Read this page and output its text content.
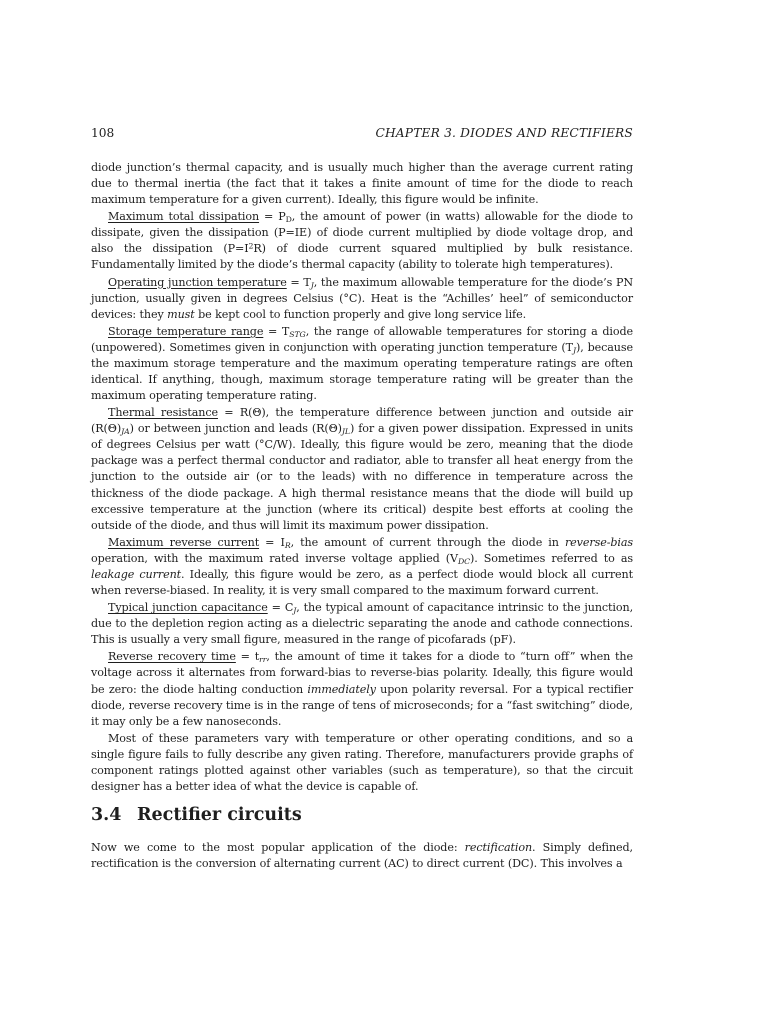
108	CHAPTER 3. DIODES AND RECTIFIERS

diode junction’s thermal capacity, and is usually much higher than the average current rating due to thermal inertia (the fact that it takes a finite amount of time for the diode to reach maximum temperature for a given current). Ideally, this figure would be infinite.

Maximum total dissipation = $P_D$, the amount of power (in watts) allowable for the diode to dissipate, given the dissipation (P=IE) of diode current multiplied by diode voltage drop, and also the dissipation $(P=I^2R)$ of diode current squared multiplied by bulk resistance. Fundamentally limited by the diode’s thermal capacity (ability to tolerate high temperatures).

Operating junction temperature = $T_J$, the maximum allowable temperature for the diode’s PN junction, usually given in degrees Celsius (°C). Heat is the “Achilles’ heel” of semiconductor devices: they must be kept cool to function properly and give long service life.

Storage temperature range = $T_{STG}$, the range of allowable temperatures for storing a diode (unpowered). Sometimes given in conjunction with operating junction temperature $(T_J)$, because the maximum storage temperature and the maximum operating temperature ratings are often identical. If anything, though, maximum storage temperature rating will be greater than the maximum operating temperature rating.

Thermal resistance = R(Θ), the temperature difference between junction and outside air $(R(\Theta)_{JA})$ or between junction and leads $(R(\Theta)_{JL})$ for a given power dissipation. Expressed in units of degrees Celsius per watt (°C/W). Ideally, this figure would be zero, meaning that the diode package was a perfect thermal conductor and radiator, able to transfer all heat energy from the junction to the outside air (or to the leads) with no difference in temperature across the thickness of the diode package. A high thermal resistance means that the diode will build up excessive temperature at the junction (where its critical) despite best efforts at cooling the outside of the diode, and thus will limit its maximum power dissipation.

Maximum reverse current = $I_R$, the amount of current through the diode in reverse-bias operation, with the maximum rated inverse voltage applied $(V_{DC})$. Sometimes referred to as leakage current. Ideally, this figure would be zero, as a perfect diode would block all current when reverse-biased. In reality, it is very small compared to the maximum forward current.

Typical junction capacitance = $C_J$, the typical amount of capacitance intrinsic to the junction, due to the depletion region acting as a dielectric separating the anode and cathode connections. This is usually a very small figure, measured in the range of picofarads (pF).

Reverse recovery time = $t_{rr}$, the amount of time it takes for a diode to “turn off” when the voltage across it alternates from forward-bias to reverse-bias polarity. Ideally, this figure would be zero: the diode halting conduction immediately upon polarity reversal. For a typical rectifier diode, reverse recovery time is in the range of tens of microseconds; for a “fast switching” diode, it may only be a few nanoseconds.

Most of these parameters vary with temperature or other operating conditions, and so a single figure fails to fully describe any given rating. Therefore, manufacturers provide graphs of component ratings plotted against other variables (such as temperature), so that the circuit designer has a better idea of what the device is capable of.

3.4 Rectifier circuits

Now we come to the most popular application of the diode: rectification. Simply defined, rectification is the conversion of alternating current (AC) to direct current (DC). This involves a
